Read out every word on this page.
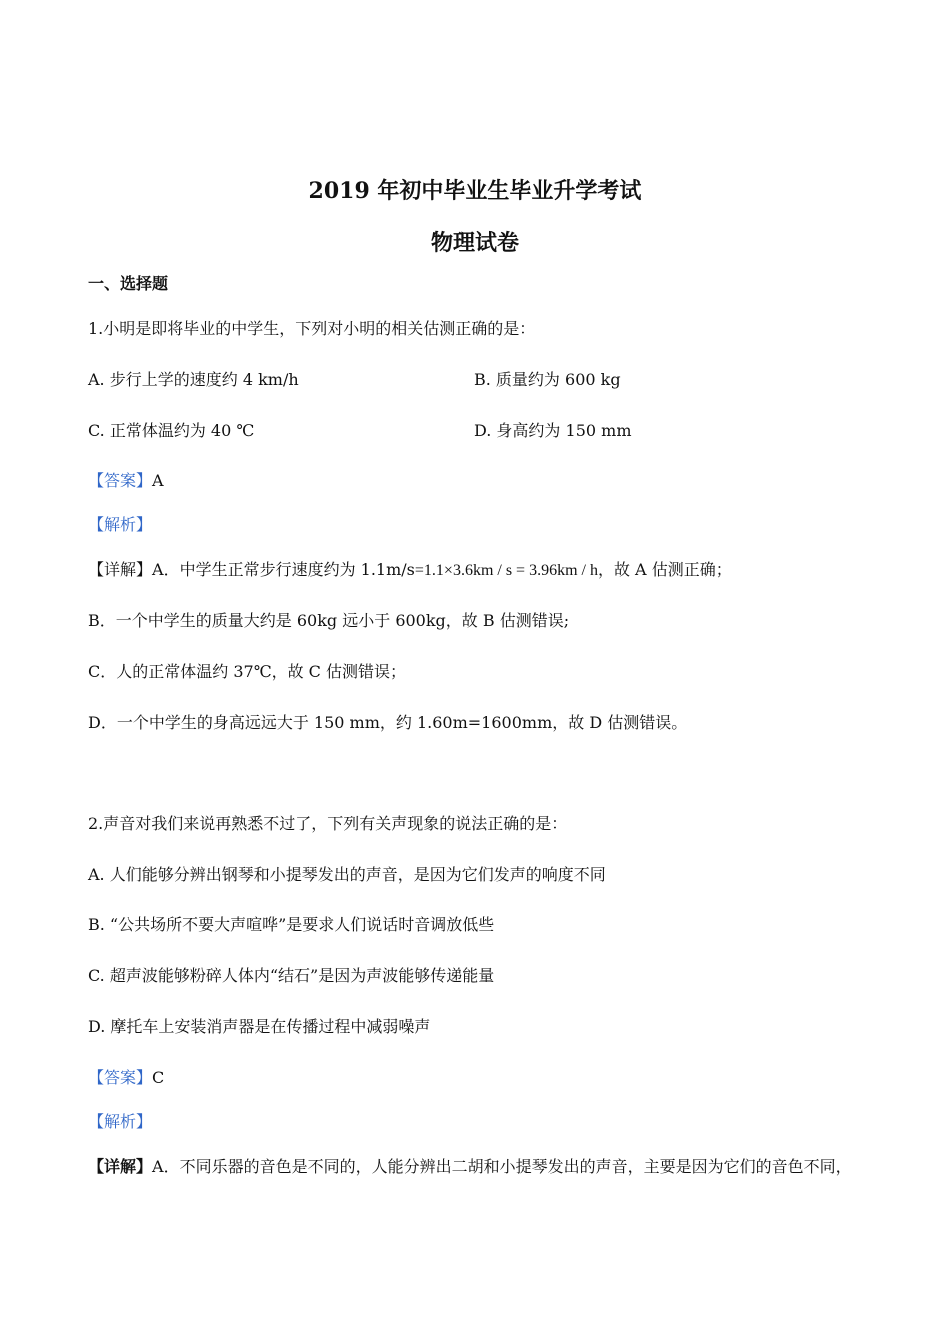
2019 年初中毕业生毕业升学考试
物理试卷
一、选择题
1.小明是即将毕业的中学生，下列对小明的相关估测正确的是：
A. 步行上学的速度约 4 km/h	B. 质量约为 600 kg
C. 正常体温约为 40 ℃	D. 身高约为 150 mm
【答案】A
【解析】
【详解】A．中学生正常步行速度约为 1.1m/s=1.1×3.6km / s = 3.96km / h，故 A 估测正确；
B．一个中学生的质量大约是 60kg 远小于 600kg，故 B 估测错误;
C．人的正常体温约 37℃，故 C 估测错误；
D．一个中学生的身高远远大于 150 mm，约 1.60m=1600mm，故 D 估测错误。
2.声音对我们来说再熟悉不过了，下列有关声现象的说法正确的是：
A. 人们能够分辨出钢琴和小提琴发出的声音，是因为它们发声的响度不同
B. “公共场所不要大声喧哗”是要求人们说话时音调放低些
C. 超声波能够粉碎人体内“结石”是因为声波能够传递能量
D. 摩托车上安装消声器是在传播过程中减弱噪声
【答案】C
【解析】
【详解】A．不同乐器的音色是不同的，人能分辨出二胡和小提琴发出的声音，主要是因为它们的音色不同，
